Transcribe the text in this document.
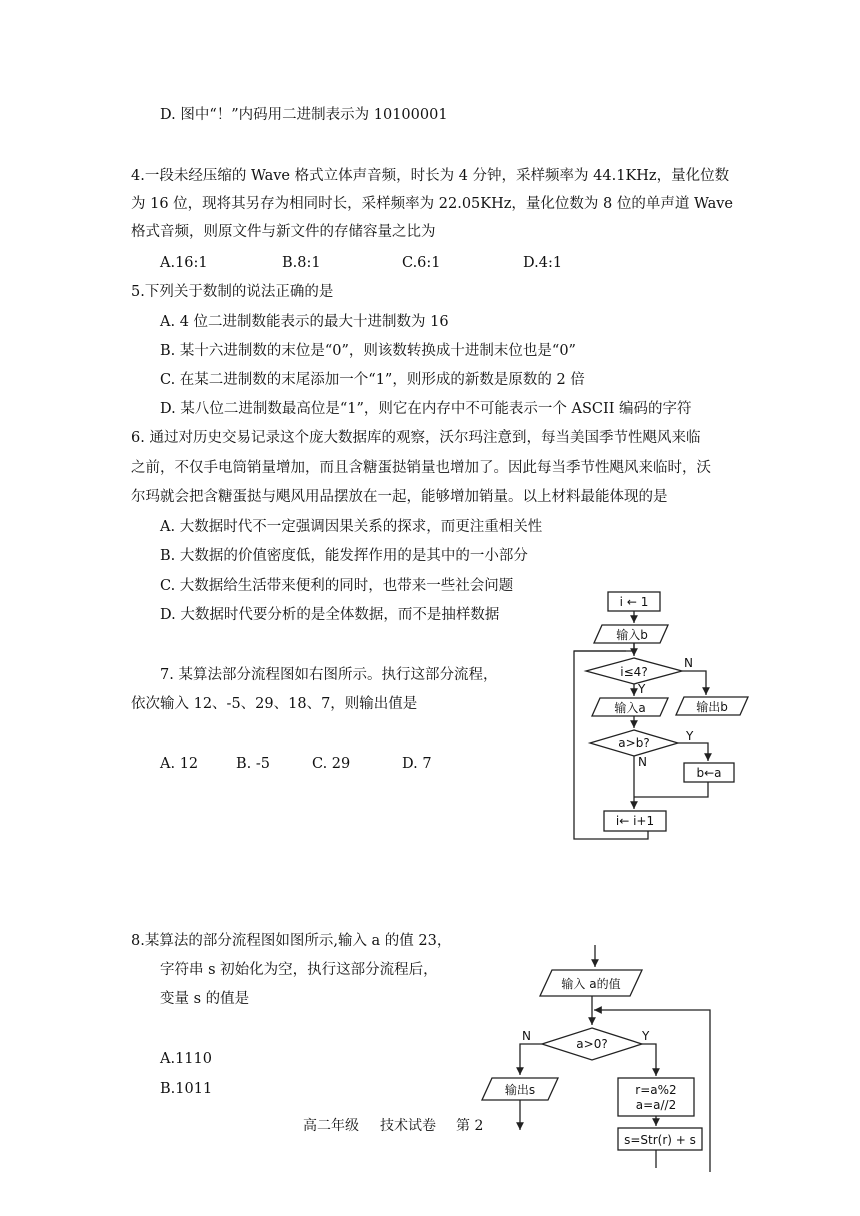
D. 图中“！”内码用二进制表示为 10100001
4.一段未经压缩的 Wave 格式立体声音频，时长为 4 分钟，采样频率为 44.1KHz，量化位数
为 16 位，现将其另存为相同时长，采样频率为 22.05KHz，量化位数为 8 位的单声道 Wave
格式音频，则原文件与新文件的存储容量之比为
A.16:1	B.8:1	C.6:1	D.4:1
5.下列关于数制的说法正确的是
A. 4 位二进制数能表示的最大十进制数为 16
B. 某十六进制数的末位是“0”，则该数转换成十进制末位也是“0”
C. 在某二进制数的末尾添加一个“1”，则形成的新数是原数的 2 倍
D. 某八位二进制数最高位是“1”，则它在内存中不可能表示一个 ASCII 编码的字符
6. 通过对历史交易记录这个庞大数据库的观察，沃尔玛注意到，每当美国季节性飓风来临
之前，不仅手电筒销量增加，而且含糖蛋挞销量也增加了。因此每当季节性飓风来临时，沃
尔玛就会把含糖蛋挞与飓风用品摆放在一起，能够增加销量。以上材料最能体现的是
A. 大数据时代不一定强调因果关系的探求，而更注重相关性
B. 大数据的价值密度低，能发挥作用的是其中的一小部分
C. 大数据给生活带来便利的同时，也带来一些社会问题
D. 大数据时代要分析的是全体数据，而不是抽样数据
7. 某算法部分流程图如右图所示。执行这部分流程，
依次输入 12、-5、29、18、7，则输出值是
A. 12	B. -5	C. 29	D. 7
i ← 1
输入b
i≤4?
N
Y
输入a	输出b
a>b?	Y
N
b←a
i← i+1
8.某算法的部分流程图如图所示,输入 a 的值 23，
字符串 s 初始化为空，执行这部分流程后，
变量 s 的值是
A.1110
B.1011
输入 a的值
a>0?
N	Y
输出s	r=a%2
a=a//2
s=Str(r) + s
高二年级 技术试卷 第 2
